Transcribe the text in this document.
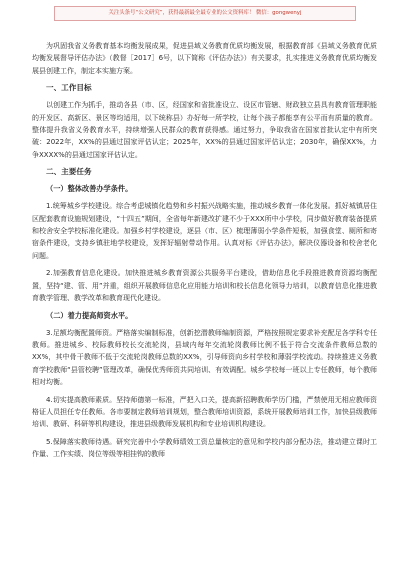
关注头条号“公文研究”，获得最新最全最专业的公文资料库！ 微信：gongwenyj

为巩固我省义务教育基本均衡发展成果，促进县域义务教育优质均衡发展，根据教育部《县域义务教育优质均衡发展督导评估办法》（教督［2017］6号，以下简称《评估办法》）有关要求，扎实推进义务教育优质均衡发展县创建工作，制定本实施方案。

一、工作目标

以创建工作为抓手，推动各县（市、区，经国家和省批准设立、设区市管辖、财政独立县具有教育管理职能的开发区、高新区、景区等均适用，以下统称县）办好每一所学校，让每个孩子都能享有公平而有质量的教育。整体提升我省义务教育水平，持续增强人民群众的教育获得感。通过努力，争取我省在国家首批认定中有所突破：2022年，XX%的县通过国家评估认定；2025年，XX%的县通过国家评估认定；2030年，确保XX%，力争XXXX%的县通过国家评估认定。

二、主要任务
（一）整体改善办学条件。

1.统筹城乡学校建设。综合考虑城镇化趋势和乡村振兴战略实施，推动城乡教育一体化发展。抓好城镇居住区配套教育设施规划建设，“十四五”期间，全省每年新建改扩建不少于XXX所中小学校，同步做好教育装备提质和校舍安全学校标准化建设。加强乡村学校建设，逐县（市、区）梳理薄弱小学条件短板，加强食堂、厕所和寄宿条件建设，支持乡镇驻地学校建设，发挥好辐射带动作用。认真对标《评估办法》，解决仪器设备和校舍老化问题。

2.加强教育信息化建设。加快推进城乡教育资源公共服务平台建设，借助信息化手段推进教育资源均衡配置，坚持“建、管、用”并重，组织开展教师信息化应用能力培训和校长信息化领导力培训，以教育信息化推进教育教学管理、教学改革和教育现代化建设。

（二）着力提高师资水平。

3.足额均衡配置师资。严格落实编制标准，创新挖潜教师编制资源，严格按照规定要求补充配足各学科专任教师。推进城乡、校际教师校长交流轮岗，县域内每年交流轮岗教师比例不低于符合交流条件教师总数的XX%，其中骨干教师不低于交流轮岗教师总数的XX%，引导师资向乡村学校和薄弱学校流动。持续推进义务教育学校教师“县管校聘”管理改革，确保优秀师资共同培训、有效调配。城乡学校每一班以上专任教师，每个教师相对均衡。

4.切实提高教师素质。坚持师德第一标准，严把入口关，提高新招聘教师学历门槛，严禁使用无相应教师资格证人员担任专任教师。各市要制定教师培训规划，整合教师培训资源，系统开展教师培训工作，加快县级教师培训、教研、科研等机构建设，推进县级教师发展机构和专业培训机构建设。

5.保障落实教师待遇。研究完善中小学教师绩效工资总量核定的意见和学校内部分配办法，推动建立课时工作量、工作实绩、岗位等级等相挂钩的教师
